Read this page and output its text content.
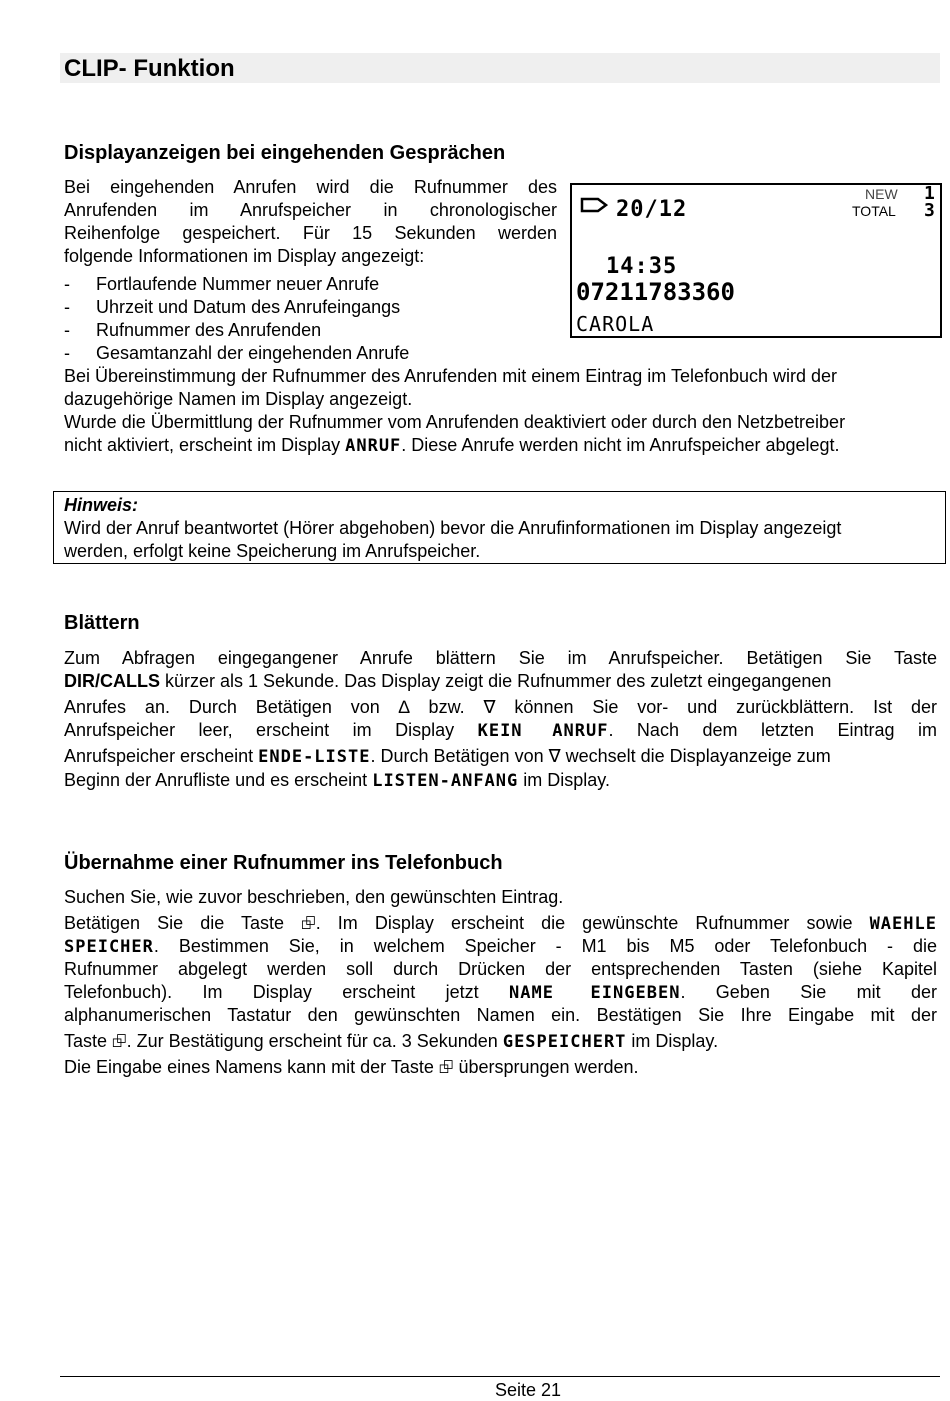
CLIP- Funktion
Displayanzeigen bei eingehenden Gesprächen
Bei eingehenden Anrufen wird die Rufnummer des
Anrufenden im Anrufspeicher in chronologischer
Reihenfolge gespeichert. Für 15 Sekunden werden
folgende Informationen im Display angezeigt:
- Fortlaufende Nummer neuer Anrufe
- Uhrzeit und Datum des Anrufeingangs
- Rufnummer des Anrufenden
- Gesamtanzahl der eingehenden Anrufe
20/12
NEW 1
TOTAL 3
14:35
07211783360
CAROLA
Bei Übereinstimmung der Rufnummer des Anrufenden mit einem Eintrag im Telefonbuch wird der
dazugehörige Namen im Display angezeigt.
Wurde die Übermittlung der Rufnummer vom Anrufenden deaktiviert oder durch den Netzbetreiber
nicht aktiviert, erscheint im Display ANRUF. Diese Anrufe werden nicht im Anrufspeicher abgelegt.
Hinweis:
Wird der Anruf beantwortet (Hörer abgehoben) bevor die Anrufinformationen im Display angezeigt
werden, erfolgt keine Speicherung im Anrufspeicher.
Blättern
Zum Abfragen eingegangener Anrufe blättern Sie im Anrufspeicher. Betätigen Sie Taste
DIR/CALLS kürzer als 1 Sekunde. Das Display zeigt die Rufnummer des zuletzt eingegangenen
Anrufes an. Durch Betätigen von ∆ bzw. ∇ können Sie vor- und zurückblättern. Ist der
Anrufspeicher leer, erscheint im Display KEIN ANRUF. Nach dem letzten Eintrag im
Anrufspeicher erscheint ENDE-LISTE. Durch Betätigen von ∇ wechselt die Displayanzeige zum
Beginn der Anrufliste und es erscheint LISTEN-ANFANG im Display.
Übernahme einer Rufnummer ins Telefonbuch
Suchen Sie, wie zuvor beschrieben, den gewünschten Eintrag.
Betätigen Sie die Taste ⮺. Im Display erscheint die gewünschte Rufnummer sowie WAEHLE
SPEICHER. Bestimmen Sie, in welchem Speicher - M1 bis M5 oder Telefonbuch - die
Rufnummer abgelegt werden soll durch Drücken der entsprechenden Tasten (siehe Kapitel
Telefonbuch). Im Display erscheint jetzt NAME EINGEBEN. Geben Sie mit der
alphanumerischen Tastatur den gewünschten Namen ein. Bestätigen Sie Ihre Eingabe mit der
Taste ⮺. Zur Bestätigung erscheint für ca. 3 Sekunden GESPEICHERT im Display.
Die Eingabe eines Namens kann mit der Taste ⮺ übersprungen werden.
Seite 21
